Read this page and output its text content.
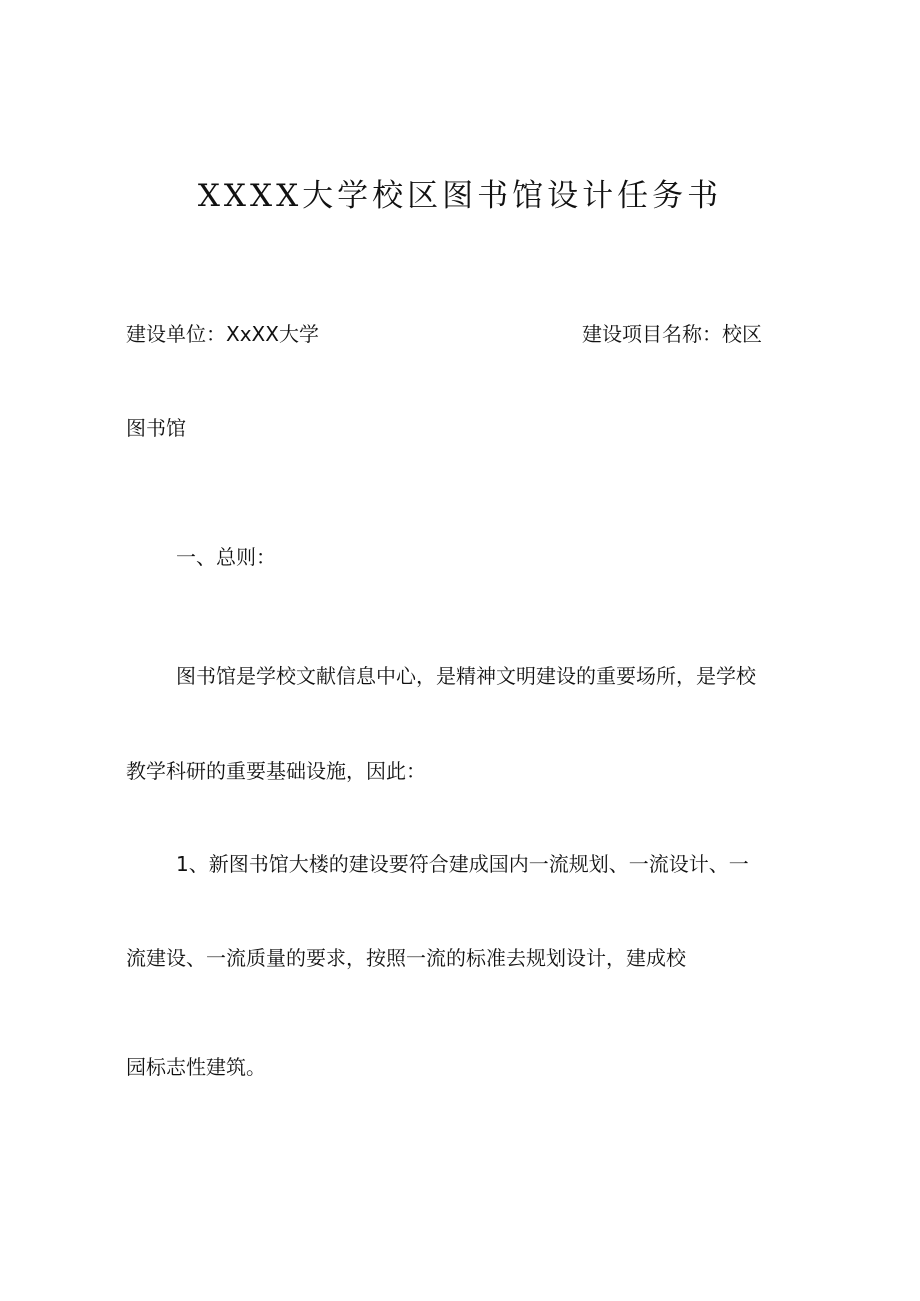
XXXX大学校区图书馆设计任务书
建设单位：XxXX大学	建设项目名称：校区
图书馆
一、总则：
图书馆是学校文献信息中心，是精神文明建设的重要场所，是学校
教学科研的重要基础设施，因此：
1、新图书馆大楼的建设要符合建成国内一流规划、一流设计、一
流建设、一流质量的要求，按照一流的标准去规划设计，建成校
园标志性建筑。
